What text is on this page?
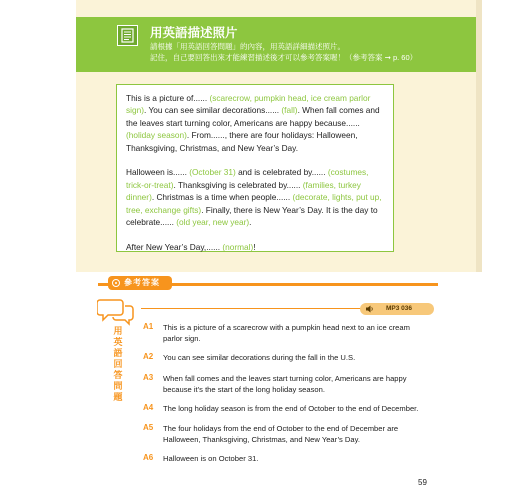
用英語描述照片
請根據「用英語回答問題」的內容，用英語詳細描述照片。
記住，自己要回答出來才能練習描述後才可以參考答案喔！（參考答案 ➞ p. 60）

This is a picture of...... (scarecrow, pumpkin head, ice cream parlor sign). You can see similar decorations...... (fall). When fall comes and the leaves start turning color, Americans are happy because...... (holiday season). From......, there are four holidays: Halloween, Thanksgiving, Christmas, and New Year’s Day.

Halloween is...... (October 31) and is celebrated by...... (costumes, trick-or-treat). Thanksgiving is celebrated by...... (families, turkey dinner). Christmas is a time when people...... (decorate, lights, put up, tree, exchange gifts). Finally, there is New Year’s Day. It is the day to celebrate...... (old year, new year).

After New Year’s Day,...... (normal)!

參考答案
MP3 036
用
英
語
回
答
問
題
A1 This is a picture of a scarecrow with a pumpkin head next to an ice cream parlor sign.
A2 You can see similar decorations during the fall in the U.S.
A3 When fall comes and the leaves start turning color, Americans are happy because it’s the start of the long holiday season.
A4 The long holiday season is from the end of October to the end of December.
A5 The four holidays from the end of October to the end of December are Halloween, Thanksgiving, Christmas, and New Year’s Day.
A6 Halloween is on October 31.
59
